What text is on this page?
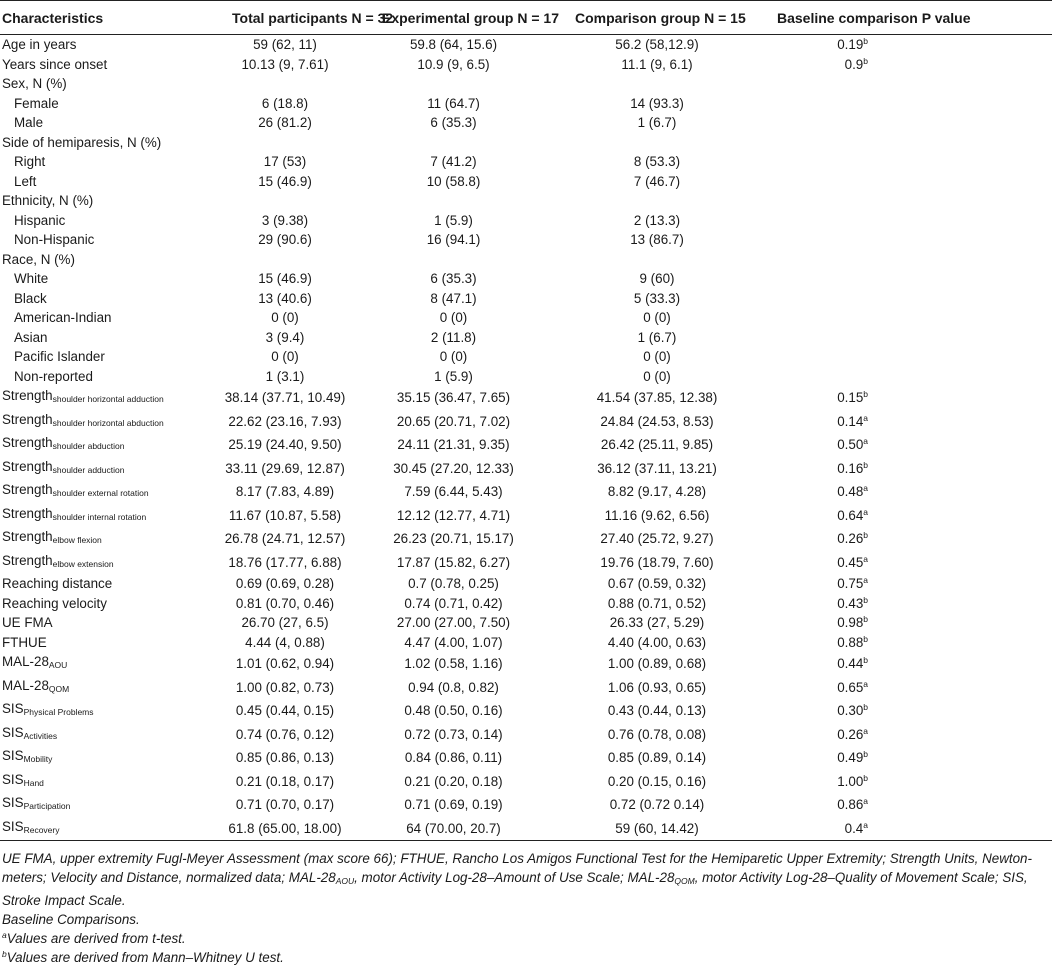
Characteristics	Total participants N = 32	Experimental group N = 17	Comparison group N = 15	Baseline comparison P value
Age in years	59 (62, 11)	59.8 (64, 15.6)	56.2 (58,12.9)	0.19$^b$
Years since onset	10.13 (9, 7.61)	10.9 (9, 6.5)	11.1 (9, 6.1)	0.9$^b$
Sex, N (%)				
Female	6 (18.8)	11 (64.7)	14 (93.3)	
Male	26 (81.2)	6 (35.3)	1 (6.7)	
Side of hemiparesis, N (%)				
Right	17 (53)	7 (41.2)	8 (53.3)	
Left	15 (46.9)	10 (58.8)	7 (46.7)	
Ethnicity, N (%)				
Hispanic	3 (9.38)	1 (5.9)	2 (13.3)	
Non-Hispanic	29 (90.6)	16 (94.1)	13 (86.7)	
Race, N (%)				
White	15 (46.9)	6 (35.3)	9 (60)	
Black	13 (40.6)	8 (47.1)	5 (33.3)	
American-Indian	0 (0)	0 (0)	0 (0)	
Asian	3 (9.4)	2 (11.8)	1 (6.7)	
Pacific Islander	0 (0)	0 (0)	0 (0)	
Non-reported	1 (3.1)	1 (5.9)	0 (0)	
Strength$_{shoulder horizontal adduction}$	38.14 (37.71, 10.49)	35.15 (36.47, 7.65)	41.54 (37.85, 12.38)	0.15$^b$
Strength$_{shoulder horizontal abduction}$	22.62 (23.16, 7.93)	20.65 (20.71, 7.02)	24.84 (24.53, 8.53)	0.14$^a$
Strength$_{shoulder abduction}$	25.19 (24.40, 9.50)	24.11 (21.31, 9.35)	26.42 (25.11, 9.85)	0.50$^a$
Strength$_{shoulder adduction}$	33.11 (29.69, 12.87)	30.45 (27.20, 12.33)	36.12 (37.11, 13.21)	0.16$^b$
Strength$_{shoulder external rotation}$	8.17 (7.83, 4.89)	7.59 (6.44, 5.43)	8.82 (9.17, 4.28)	0.48$^a$
Strength$_{shoulder internal rotation}$	11.67 (10.87, 5.58)	12.12 (12.77, 4.71)	11.16 (9.62, 6.56)	0.64$^a$
Strength$_{elbow flexion}$	26.78 (24.71, 12.57)	26.23 (20.71, 15.17)	27.40 (25.72, 9.27)	0.26$^b$
Strength$_{elbow extension}$	18.76 (17.77, 6.88)	17.87 (15.82, 6.27)	19.76 (18.79, 7.60)	0.45$^a$
Reaching distance	0.69 (0.69, 0.28)	0.7 (0.78, 0.25)	0.67 (0.59, 0.32)	0.75$^a$
Reaching velocity	0.81 (0.70, 0.46)	0.74 (0.71, 0.42)	0.88 (0.71, 0.52)	0.43$^b$
UE FMA	26.70 (27, 6.5)	27.00 (27.00, 7.50)	26.33 (27, 5.29)	0.98$^b$
FTHUE	4.44 (4, 0.88)	4.47 (4.00, 1.07)	4.40 (4.00, 0.63)	0.88$^b$
MAL-$28_{AOU}$	1.01 (0.62, 0.94)	1.02 (0.58, 1.16)	1.00 (0.89, 0.68)	0.44$^b$
MAL-$28_{QOM}$	1.00 (0.82, 0.73)	0.94 (0.8, 0.82)	1.06 (0.93, 0.65)	0.65$^a$
$SIS_{Physical Problems}$	0.45 (0.44, 0.15)	0.48 (0.50, 0.16)	0.43 (0.44, 0.13)	0.30$^b$
$SIS_{Activities}$	0.74 (0.76, 0.12)	0.72 (0.73, 0.14)	0.76 (0.78, 0.08)	0.26$^a$
$SIS_{Mobility}$	0.85 (0.86, 0.13)	0.84 (0.86, 0.11)	0.85 (0.89, 0.14)	0.49$^b$
$SIS_{Hand}$	0.21 (0.18, 0.17)	0.21 (0.20, 0.18)	0.20 (0.15, 0.16)	1.00$^b$
$SIS_{Participation}$	0.71 (0.70, 0.17)	0.71 (0.69, 0.19)	0.72 (0.72 0.14)	0.86$^a$
$SIS_{Recovery}$	61.8 (65.00, 18.00)	64 (70.00, 20.7)	59 (60, 14.42)	0.4$^a$

UE FMA, upper extremity Fugl-Meyer Assessment (max score 66); FTHUE, Rancho Los Amigos Functional Test for the Hemiparetic Upper Extremity; Strength Units, Newton-meters; Velocity and Distance, normalized data; MAL-$28_{AOU}$, motor Activity Log-28–Amount of Use Scale; MAL-$28_{QOM}$, motor Activity Log-28–Quality of Movement Scale; SIS, Stroke Impact Scale.

Baseline Comparisons.

$^a$Values are derived from t-test.

$^b$Values are derived from Mann–Whitney U test.
